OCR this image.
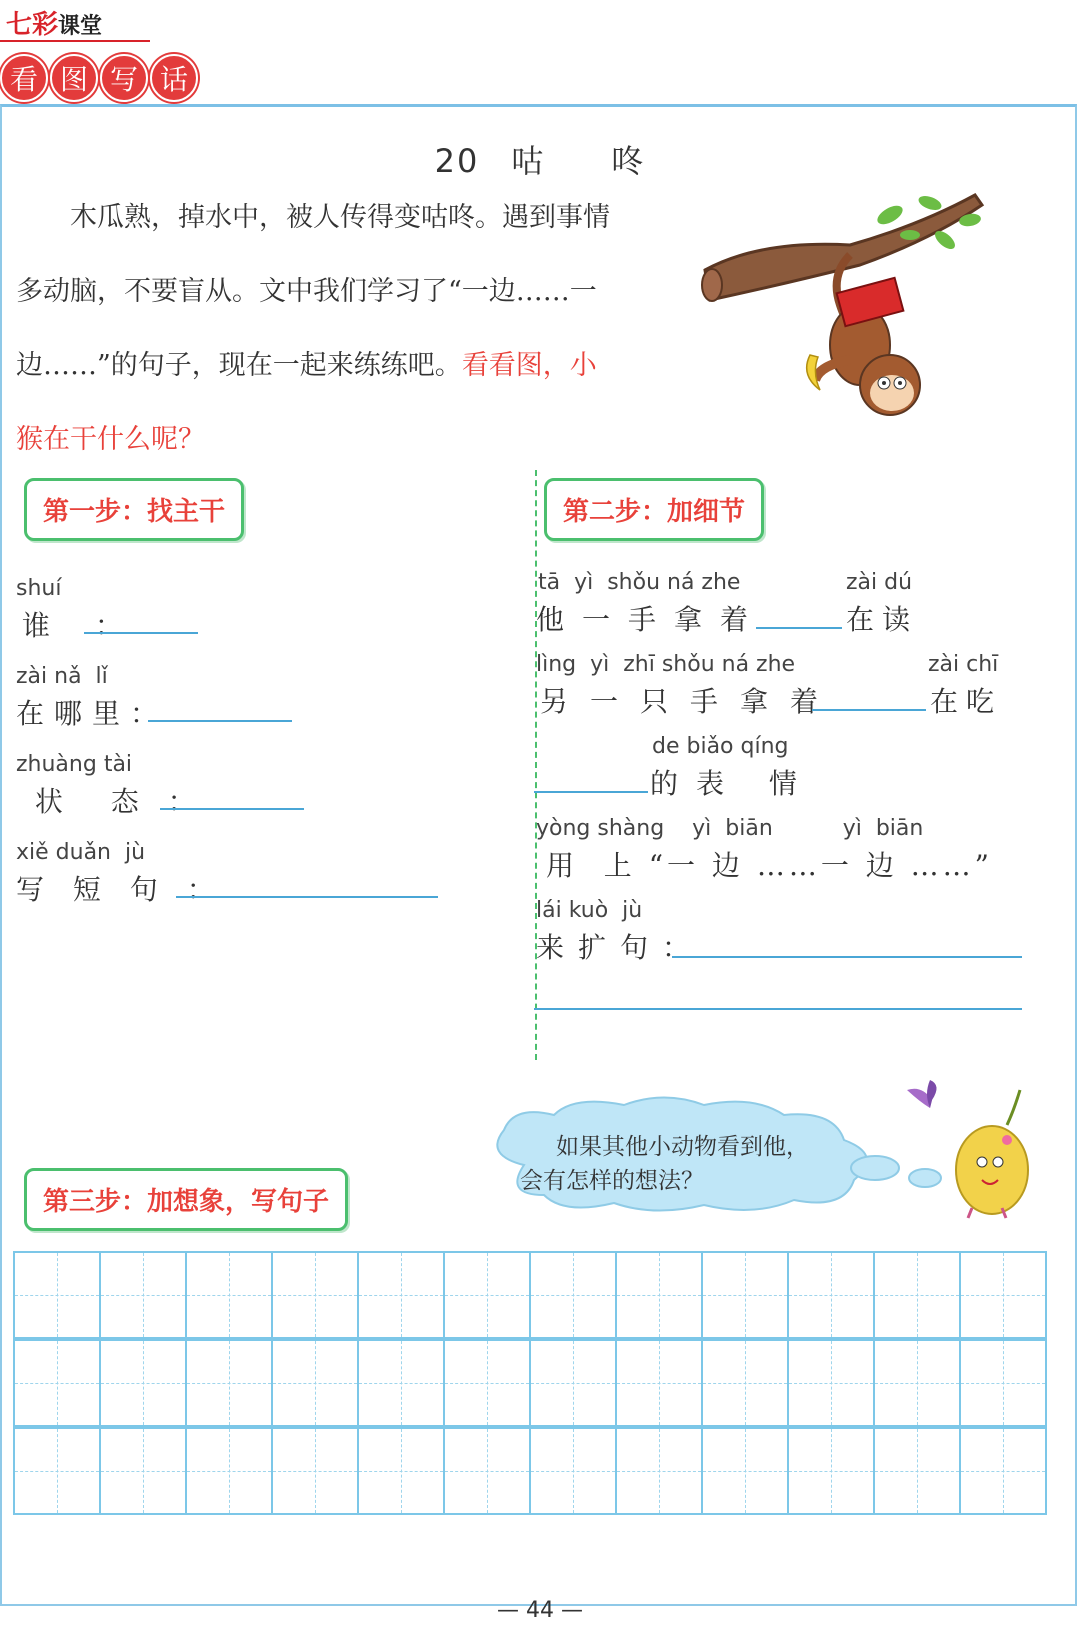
七彩课堂
看 图 写 话
20 咕 咚
木瓜熟，掉水中，被人传得变咕咚。遇到事情
多动脑，不要盲从。文中我们学习了“一边……一
边……”的句子，现在一起来练练吧。看看图，小
猴在干什么呢？
第一步：找主干
shuí
谁 ：
zài nǎ  lǐ
在哪里：
zhuàng tài
状  态 ：
xiě duǎn  jù
写 短 句 ：
第二步：加细节
tā  yì  shǒu ná zhe
他一手拿着
zài dú
在读
lìng  yì  zhī shǒu ná zhe
另一只手拿着
zài chī
在吃
de biǎo qíng
的表 情
yòng shàng    yì  biān          yì  biān
用  上 “一 边 ……一 边 ……”
lái kuò  jù
来扩句：
如果其他小动物看到他，
会有怎样的想法？
第三步：加想象，写句子
— 44 —
